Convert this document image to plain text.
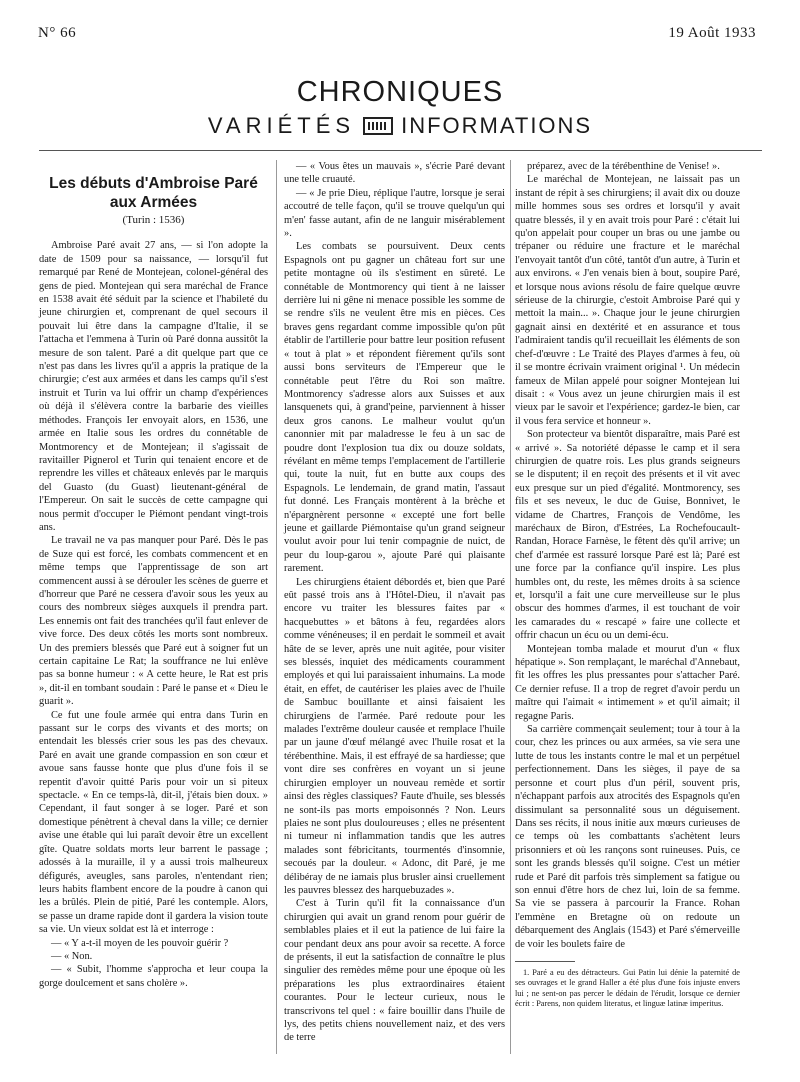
N° 66	19 Août 1933
CHRONIQUES
VARIÉTÉS INFORMATIONS
Les débuts d'Ambroise Paré aux Armées
(Turin : 1536)

Ambroise Paré avait 27 ans, — si l'on adopte la date de 1509 pour sa naissance, — lorsqu'il fut remarqué par René de Montejean, colonel-général des gens de pied. Montejean qui sera maréchal de France en 1538 avait été séduit par la science et l'habileté du jeune chirurgien et, comprenant de quel secours il pouvait lui être dans la campagne d'Italie, il se l'attacha et l'emmena à Turin où Paré donna aussitôt la mesure de son talent. Paré a dit quelque part que ce n'est pas dans les livres qu'il a appris la pratique de la chirurgie; c'est aux armées et dans les camps qu'il s'est instruit et Turin va lui offrir un champ d'expériences où déjà il s'élèvera contre la barbarie des vieilles méthodes. François Ier envoyait alors, en 1536, une armée en Italie sous les ordres du connétable de Montmorency et de Montejean; il s'agissait de ravitailler Pignerol et Turin qui tenaient encore et de reprendre les villes et châteaux enlevés par le marquis del Guasto (du Guast) lieutenant-général de l'Empereur. On sait le succès de cette campagne qui nous permit d'occuper le Piémont pendant vingt-trois ans.

Le travail ne va pas manquer pour Paré. Dès le pas de Suze qui est forcé, les combats commencent et en même temps que l'apprentissage de son art commencent aussi à se dérouler les scènes de guerre et d'horreur que Paré ne cessera d'avoir sous les yeux au cours des nombreux sièges auxquels il prendra part. Les ennemis ont fait des tranchées qu'il faut enlever de vive force. Des deux côtés les morts sont nombreux. Un des premiers blessés que Paré eut à soigner fut un certain capitaine Le Rat; la souffrance ne lui enlève pas sa bonne humeur : « A cette heure, le Rat est pris », dit-il en tombant soudain : Paré le panse et « Dieu le guarit ».

Ce fut une foule armée qui entra dans Turin en passant sur le corps des vivants et des morts; on entendait les blessés crier sous les pas des chevaux. Paré en avait une grande compassion en son cœur et avoue sans fausse honte que plus d'une fois il se repentit d'avoir quitté Paris pour voir un si piteux spectacle. « En ce temps-là, dit-il, j'étais bien doux. » Cependant, il faut songer à se loger. Paré et son domestique pénètrent à cheval dans la ville; ce dernier avise une étable qui lui paraît devoir être un excellent gîte. Quatre soldats morts leur barrent le passage ; adossés à la muraille, il y a aussi trois malheureux défigurés, aveugles, sans paroles, n'entendant rien; leurs habits flambent encore de la poudre à canon qui les a brûlés. Plein de pitié, Paré les contemple. Alors, se passe un drame rapide dont il gardera la vision toute sa vie. Un vieux soldat est là et interroge :

— « Y a-t-il moyen de les pouvoir guérir ?

— « Non.

— « Subit, l'homme s'approcha et leur coupa la gorge doulcement et sans cholère ».

— « Vous êtes un mauvais », s'écrie Paré devant une telle cruauté.

— « Je prie Dieu, réplique l'autre, lorsque je serai accoutré de telle façon, qu'il se trouve quelqu'un qui m'en' fasse autant, afin de ne languir misérablement ».

Les combats se poursuivent. Deux cents Espagnols ont pu gagner un château fort sur une petite montagne où ils s'estiment en sûreté. Le connétable de Montmorency qui tient à ne laisser derrière lui ni gêne ni menace possible les somme de se rendre s'ils ne veulent être mis en pièces. Ces braves gens regardant comme impossible qu'on pût établir de l'artillerie pour battre leur position refusent « tout à plat » et répondent fièrement qu'ils sont aussi bons serviteurs de l'Empereur que le connétable peut l'être du Roi son maître. Montmorency s'adresse alors aux Suisses et aux lansquenets qui, à grand'peine, parviennent à hisser deux gros canons. Le malheur voulut qu'un canonnier mit par maladresse le feu à un sac de poudre dont l'explosion tua dix ou douze soldats, révélant en même temps l'emplacement de l'artillerie qui, toute la nuit, fut en butte aux coups des Espagnols. Le lendemain, de grand matin, l'assaut fut donné. Les Français montèrent à la brèche et n'épargnèrent personne « excepté une fort belle jeune et gaillarde Piémontaise qu'un grand seigneur voulut avoir pour lui tenir compagnie de nuict, de peur du loup-garou », ajoute Paré qui plaisante rarement.

Les chirurgiens étaient débordés et, bien que Paré eût passé trois ans à l'Hôtel-Dieu, il n'avait pas encore vu traiter les blessures faites par « hacquebuttes » et bâtons à feu, regardées alors comme vénéneuses; il en perdait le sommeil et avait hâte de se lever, après une nuit agitée, pour visiter ses blessés, inquiet des médicaments couramment employés et qui lui paraissaient inhumains. La mode était, en effet, de cautériser les plaies avec de l'huile de Sambuc bouillante et ainsi faisaient les chirurgiens de l'armée. Paré redoute pour les malades l'extrême douleur causée et remplace l'huile par un jaune d'œuf mélangé avec l'huile rosat et la térébenthine. Mais, il est effrayé de sa hardiesse; que vont dire ses confrères en voyant un si jeune chirurgien employer un nouveau remède et sortir ainsi des règles classiques? Faute d'huile, ses blessés ne sont-ils pas morts empoisonnés ? Non. Leurs plaies ne sont plus douloureuses ; elles ne présentent ni tumeur ni inflammation tandis que les autres malades sont fébricitants, tourmentés d'insomnie, secoués par la douleur. « Adonc, dit Paré, je me délibéray de ne iamais plus brusler ainsi cruellement les pauvres blessez des harquebuzades ».

C'est à Turin qu'il fit la connaissance d'un chirurgien qui avait un grand renom pour guérir de semblables plaies et il eut la patience de lui faire la cour pendant deux ans pour avoir sa recette. A force de présents, il eut la satisfaction de connaître le plus singulier des remèdes même pour une époque où les préparations les plus extraordinaires étaient courantes. Pour le lecteur curieux, nous le transcrivons tel quel : « faire bouillir dans l'huile de lys, des petits chiens nouvellement naiz, et des vers de terre

préparez, avec de la térébenthine de Venise! ».

Le maréchal de Montejean, ne laissait pas un instant de répit à ses chirurgiens; il avait dix ou douze mille hommes sous ses ordres et lorsqu'il y avait quatre blessés, il y en avait trois pour Paré : c'était lui qu'on appelait pour couper un bras ou une jambe ou trépaner ou réduire une fracture et le maréchal l'envoyait tantôt d'un côté, tantôt d'un autre, à Turin et aux environs. « J'en venais bien à bout, soupire Paré, et lorsque nous avions résolu de faire quelque œuvre sérieuse de la chirurgie, c'estoit Ambroise Paré qui y mettoit la main... ». Chaque jour le jeune chirurgien gagnait ainsi en dextérité et en assurance et tous l'admiraient tandis qu'il recueillait les éléments de son chef-d'œuvre : Le Traité des Playes d'armes à feu, où il se montre écrivain vraiment original ¹. Un médecin fameux de Milan appelé pour soigner Montejean lui disait : « Vous avez un jeune chirurgien mais il est vieux par le savoir et l'expérience; gardez-le bien, car il vous fera service et honneur ».

Son protecteur va bientôt disparaître, mais Paré est « arrivé ». Sa notoriété dépasse le camp et il sera chirurgien de quatre rois. Les plus grands seigneurs se le disputent; il en reçoit des présents et il vit avec eux presque sur un pied d'égalité. Montmorency, ses fils et ses neveux, le duc de Guise, Bonnivet, le vidame de Chartres, François de Vendôme, les maréchaux de Biron, d'Estrées, La Rochefoucault-Randan, Horace Farnèse, le fêtent dès qu'il arrive; un chef d'armée est rassuré lorsque Paré est là; Paré est une force par la confiance qu'il inspire. Les plus humbles ont, du reste, les mêmes droits à sa science et, lorsqu'il a fait une cure merveilleuse sur le plus obscur des hommes d'armes, il est touchant de voir les camarades du « rescapé » faire une collecte et offrir chacun un écu ou un demi-écu.

Montejean tomba malade et mourut d'un « flux hépatique ». Son remplaçant, le maréchal d'Annebaut, fit les offres les plus pressantes pour s'attacher Paré. Ce dernier refuse. Il a trop de regret d'avoir perdu un maître qui l'aimait « intimement » et qu'il aimait; il regagne Paris.

Sa carrière commençait seulement; tour à tour à la cour, chez les princes ou aux armées, sa vie sera une lutte de tous les instants contre le mal et un perpétuel perfectionnement. Dans les sièges, il paye de sa personne et court plus d'un péril, souvent pris, n'échappant parfois aux atrocités des Espagnols qu'en dissimulant sa personnalité sous un déguisement. Dans ses récits, il nous initie aux mœurs curieuses de ce temps où les combattants s'achètent leurs prisonniers et où les rançons sont ruineuses. Puis, ce sont les grands blessés qu'il soigne. C'est un métier rude et Paré dit parfois très simplement sa fatigue ou son ennui d'être hors de chez lui, loin de sa femme. Sa vie se passera à parcourir la France. Rohan l'emmène en Bretagne où on redoute un débarquement des Anglais (1543) et Paré s'émerveille de voir les boulets faire de

1. Paré a eu des détracteurs. Gui Patin lui dénie la paternité de ses ouvrages et le grand Haller a été plus d'une fois injuste envers lui ; ne sent-on pas percer le dédain de l'érudit, lorsque ce dernier écrit : Parens, non quidem literatus, et linguæ latinæ imperitus.
